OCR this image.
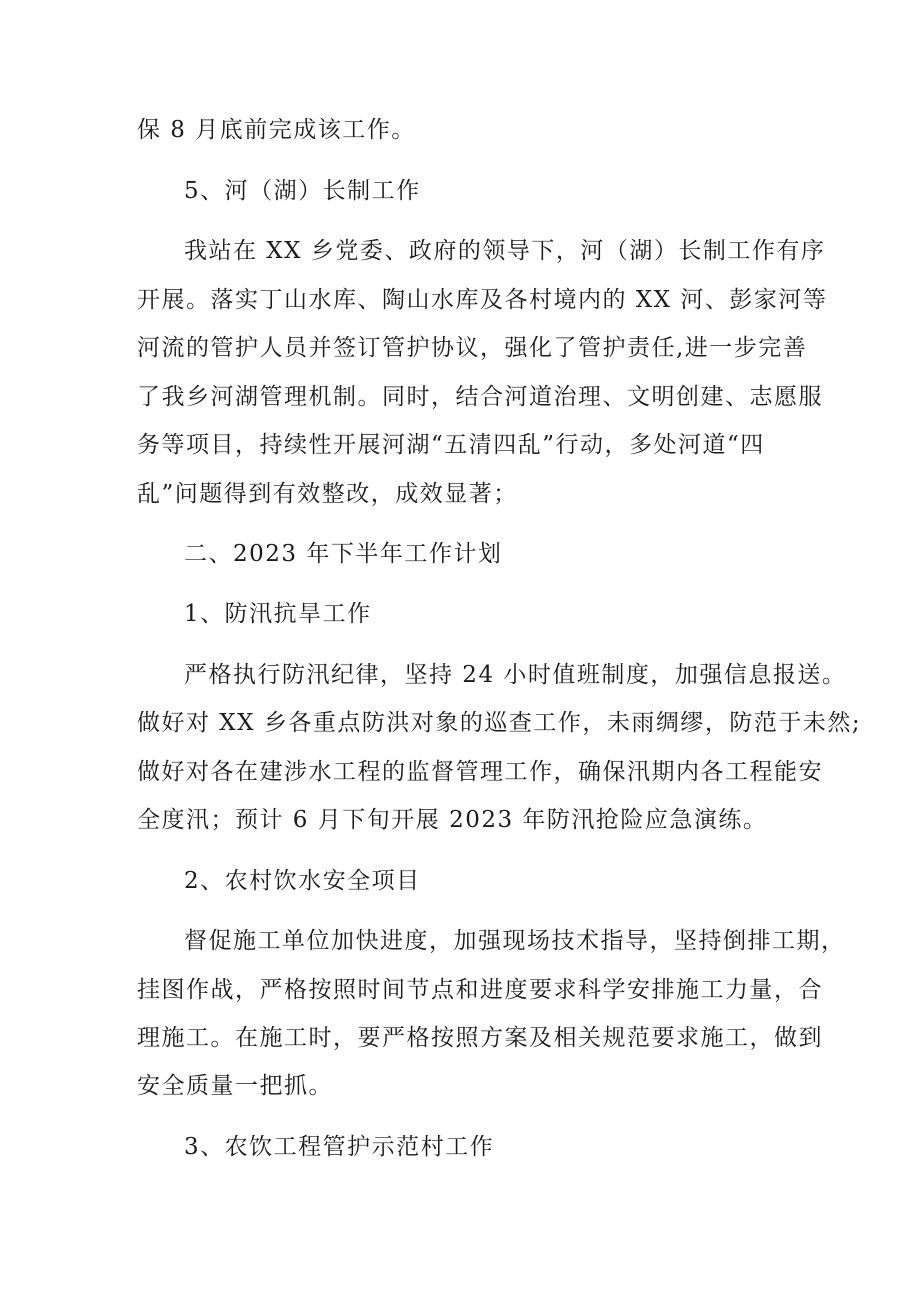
保 8 月底前完成该工作。
5、河（湖）长制工作
我站在 XX 乡党委、政府的领导下，河（湖）长制工作有序
开展。落实丁山水库、陶山水库及各村境内的 XX 河、彭家河等
河流的管护人员并签订管护协议，强化了管护责任,进一步完善
了我乡河湖管理机制。同时，结合河道治理、文明创建、志愿服
务等项目，持续性开展河湖“五清四乱”行动，多处河道“四
乱”问题得到有效整改，成效显著；
二、2023 年下半年工作计划
1、防汛抗旱工作
严格执行防汛纪律，坚持 24 小时值班制度，加强信息报送。
做好对 XX 乡各重点防洪对象的巡查工作，未雨绸缪，防范于未然;
做好对各在建涉水工程的监督管理工作，确保汛期内各工程能安
全度汛；预计 6 月下旬开展 2023 年防汛抢险应急演练。
2、农村饮水安全项目
督促施工单位加快进度，加强现场技术指导，坚持倒排工期，
挂图作战，严格按照时间节点和进度要求科学安排施工力量，合
理施工。在施工时，要严格按照方案及相关规范要求施工，做到
安全质量一把抓。
3、农饮工程管护示范村工作
